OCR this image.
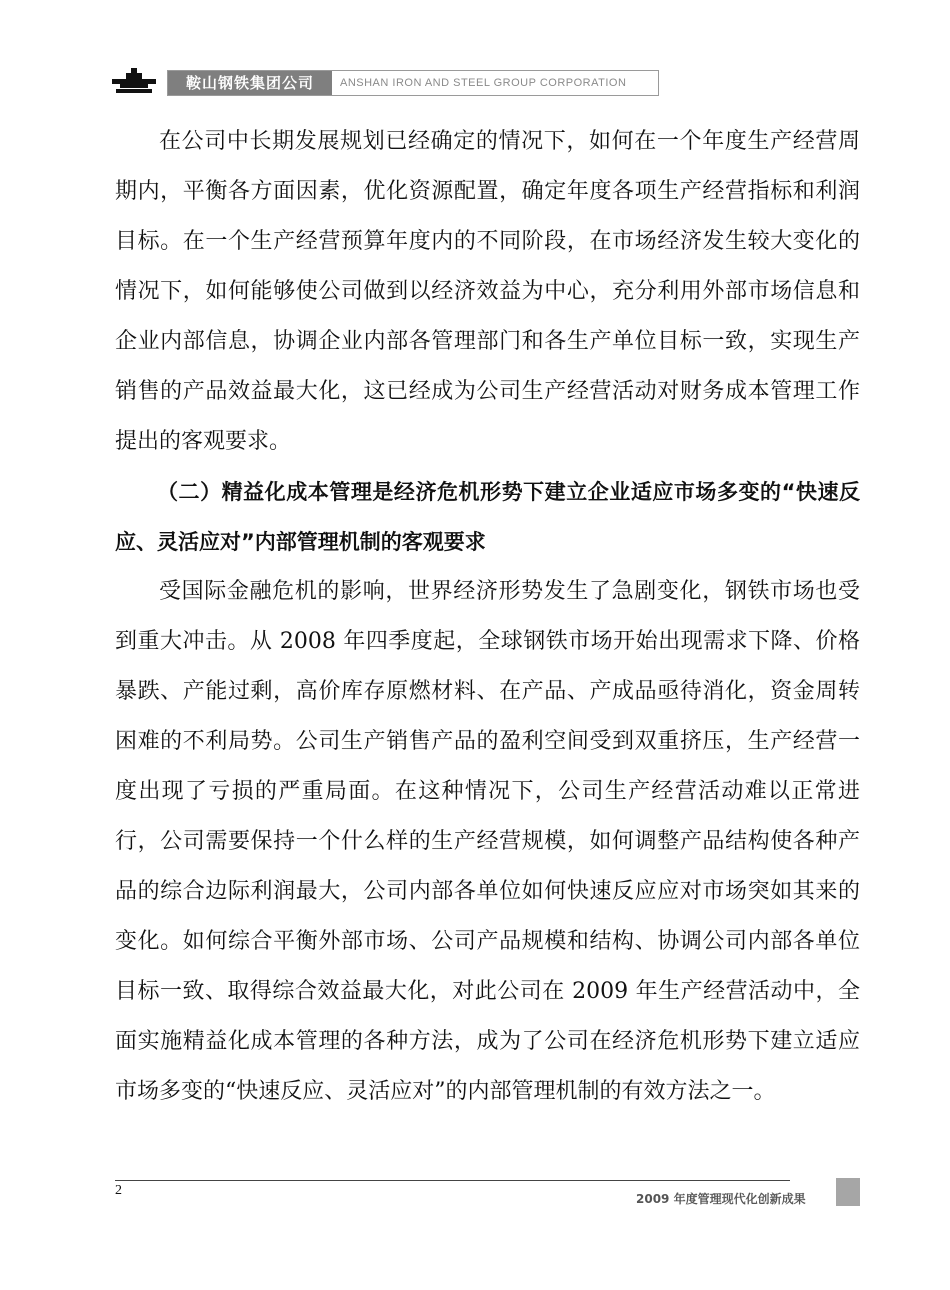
鞍山钢铁集团公司	ANSHAN IRON AND STEEL GROUP CORPORATION

在公司中长期发展规划已经确定的情况下，如何在一个年度生产经营周期内，平衡各方面因素，优化资源配置，确定年度各项生产经营指标和利润目标。在一个生产经营预算年度内的不同阶段，在市场经济发生较大变化的情况下，如何能够使公司做到以经济效益为中心，充分利用外部市场信息和企业内部信息，协调企业内部各管理部门和各生产单位目标一致，实现生产销售的产品效益最大化，这已经成为公司生产经营活动对财务成本管理工作提出的客观要求。

（二）精益化成本管理是经济危机形势下建立企业适应市场多变的“快速反应、灵活应对”内部管理机制的客观要求

受国际金融危机的影响，世界经济形势发生了急剧变化，钢铁市场也受到重大冲击。从 2008 年四季度起，全球钢铁市场开始出现需求下降、价格暴跌、产能过剩，高价库存原燃材料、在产品、产成品亟待消化，资金周转困难的不利局势。公司生产销售产品的盈利空间受到双重挤压，生产经营一度出现了亏损的严重局面。在这种情况下，公司生产经营活动难以正常进行，公司需要保持一个什么样的生产经营规模，如何调整产品结构使各种产品的综合边际利润最大，公司内部各单位如何快速反应应对市场突如其来的变化。如何综合平衡外部市场、公司产品规模和结构、协调公司内部各单位目标一致、取得综合效益最大化，对此公司在 2009 年生产经营活动中，全面实施精益化成本管理的各种方法，成为了公司在经济危机形势下建立适应市场多变的“快速反应、灵活应对”的内部管理机制的有效方法之一。

2
2009 年度管理现代化创新成果
